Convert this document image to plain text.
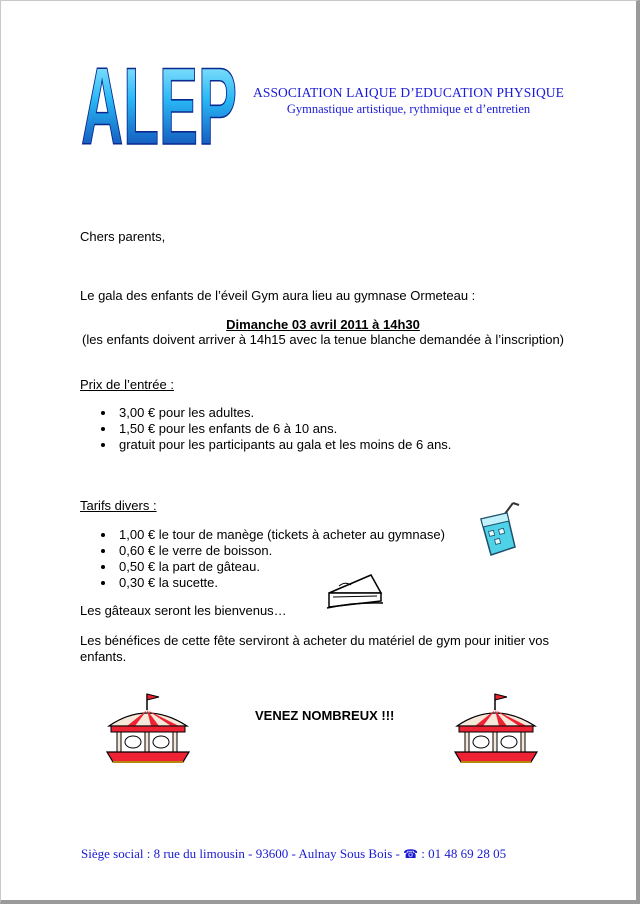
ALEP ASSOCIATION LAIQUE D’EDUCATION PHYSIQUE
Gymnastique artistique, rythmique et d’entretien
Chers parents,
Le gala des enfants de l’éveil Gym aura lieu au gymnase Ormeteau :
Dimanche 03 avril 2011 à 14h30
(les enfants doivent arriver à 14h15 avec la tenue blanche demandée à l’inscription)
Prix de l’entrée :
3,00 € pour les adultes.
1,50 € pour les enfants de 6 à 10 ans.
gratuit pour les participants au gala et les moins de 6 ans.
Tarifs divers :
1,00 € le tour de manège (tickets à acheter au gymnase)
0,60 € le verre de boisson.
0,50 € la part de gâteau.
0,30 € la sucette.
Les gâteaux seront les bienvenus…
Les bénéfices de cette fête serviront à acheter du matériel de gym pour initier vos enfants.
VENEZ NOMBREUX !!!
Siège social : 8 rue du limousin - 93600 - Aulnay Sous Bois - ☎ : 01 48 69 28 05
